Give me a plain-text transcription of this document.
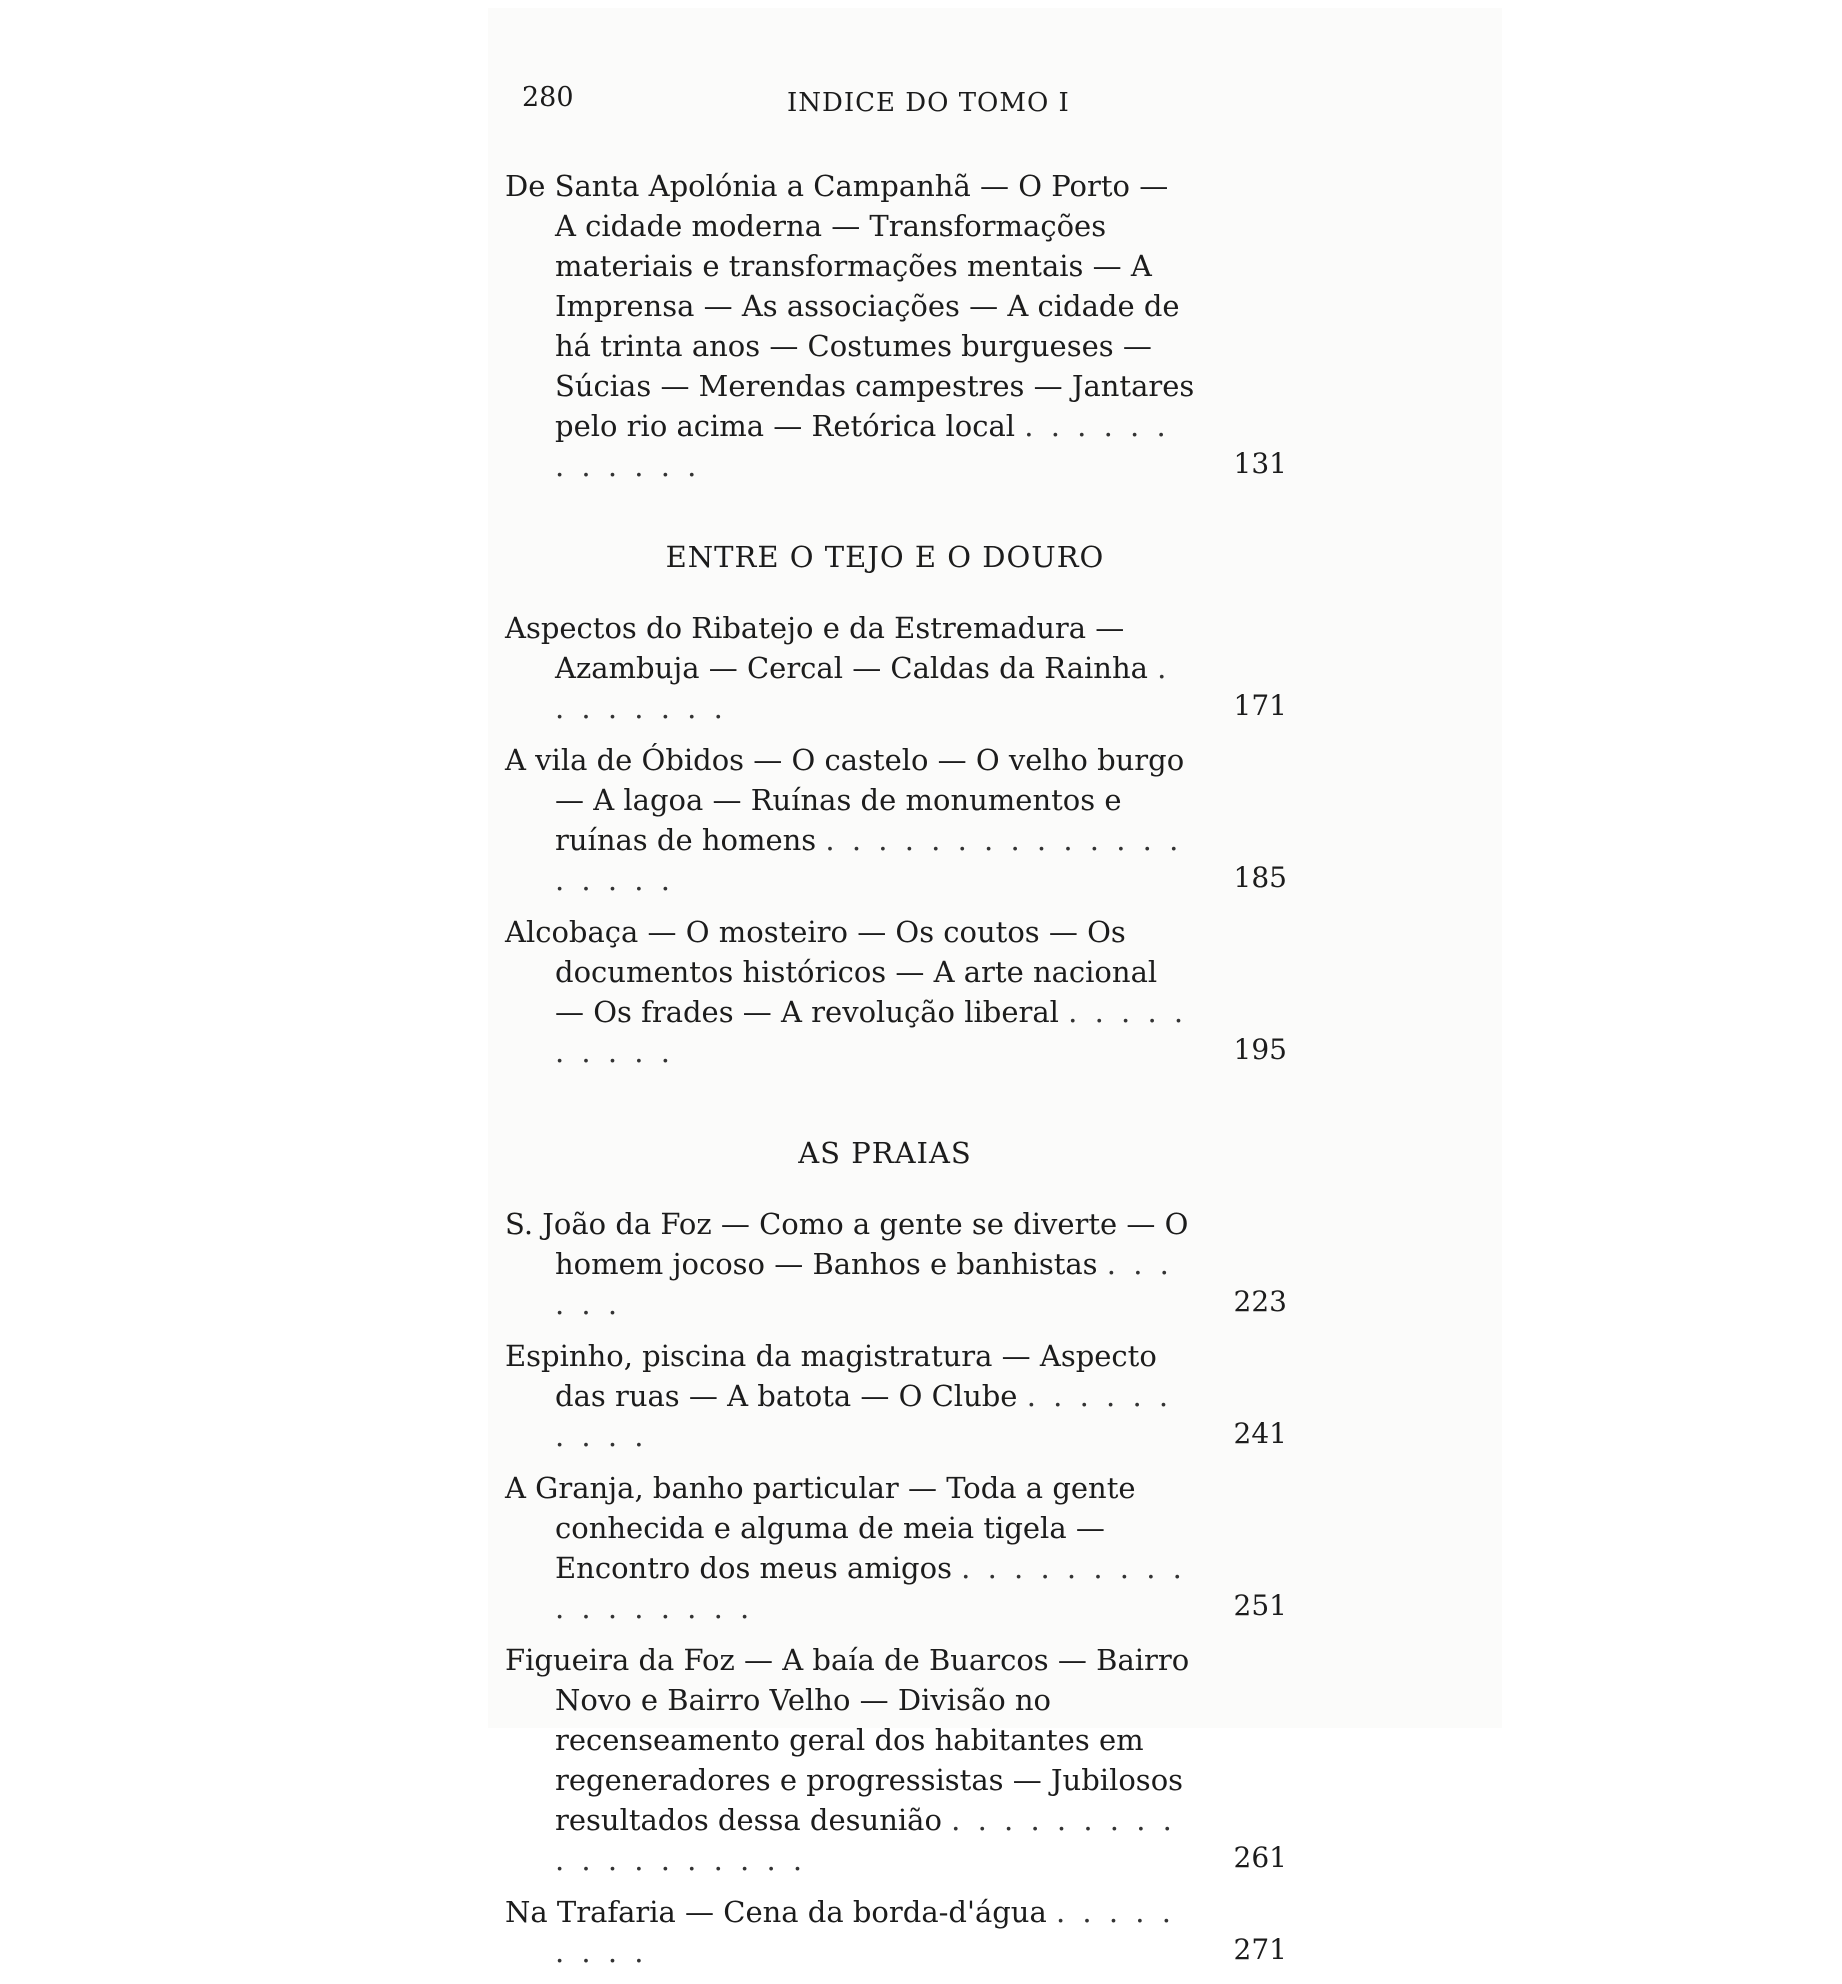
280	INDICE DO TOMO I
De Santa Apolónia a Campanhã — O Porto — A cidade moderna — Transformações materiais e transformações mentais — A Imprensa — As associações — A cidade de há trinta anos — Costumes burgueses — Súcias — Merendas campestres — Jantares pelo rio acima — Retórica local . . . . . . . . . . . .	131
ENTRE O TEJO E O DOURO
Aspectos do Ribatejo e da Estremadura — Azambuja — Cercal — Caldas da Rainha . . . . . . . .	171
A vila de Óbidos — O castelo — O velho burgo — A lagoa — Ruínas de monumentos e ruínas de homens . . . . . . . . . . . . . . . . . . .	185
Alcobaça — O mosteiro — Os coutos — Os documentos históricos — A arte nacional — Os frades — A revolução liberal . . . . . . . . . .	195
AS PRAIAS
S. João da Foz — Como a gente se diverte — O homem jocoso — Banhos e banhistas . . . . . .	223
Espinho, piscina da magistratura — Aspecto das ruas — A batota — O Clube . . . . . . . . . .	241
A Granja, banho particular — Toda a gente conhecida e alguma de meia tigela — Encontro dos meus amigos . . . . . . . . . . . . . . . . .	251
Figueira da Foz — A baía de Buarcos — Bairro Novo e Bairro Velho — Divisão no recenseamento geral dos habitantes em regeneradores e progressistas — Jubilosos resultados dessa desunião . . . . . . . . . . . . . . . . . . .	261
Na Trafaria — Cena da borda-d'água . . . . . . . . .	271
